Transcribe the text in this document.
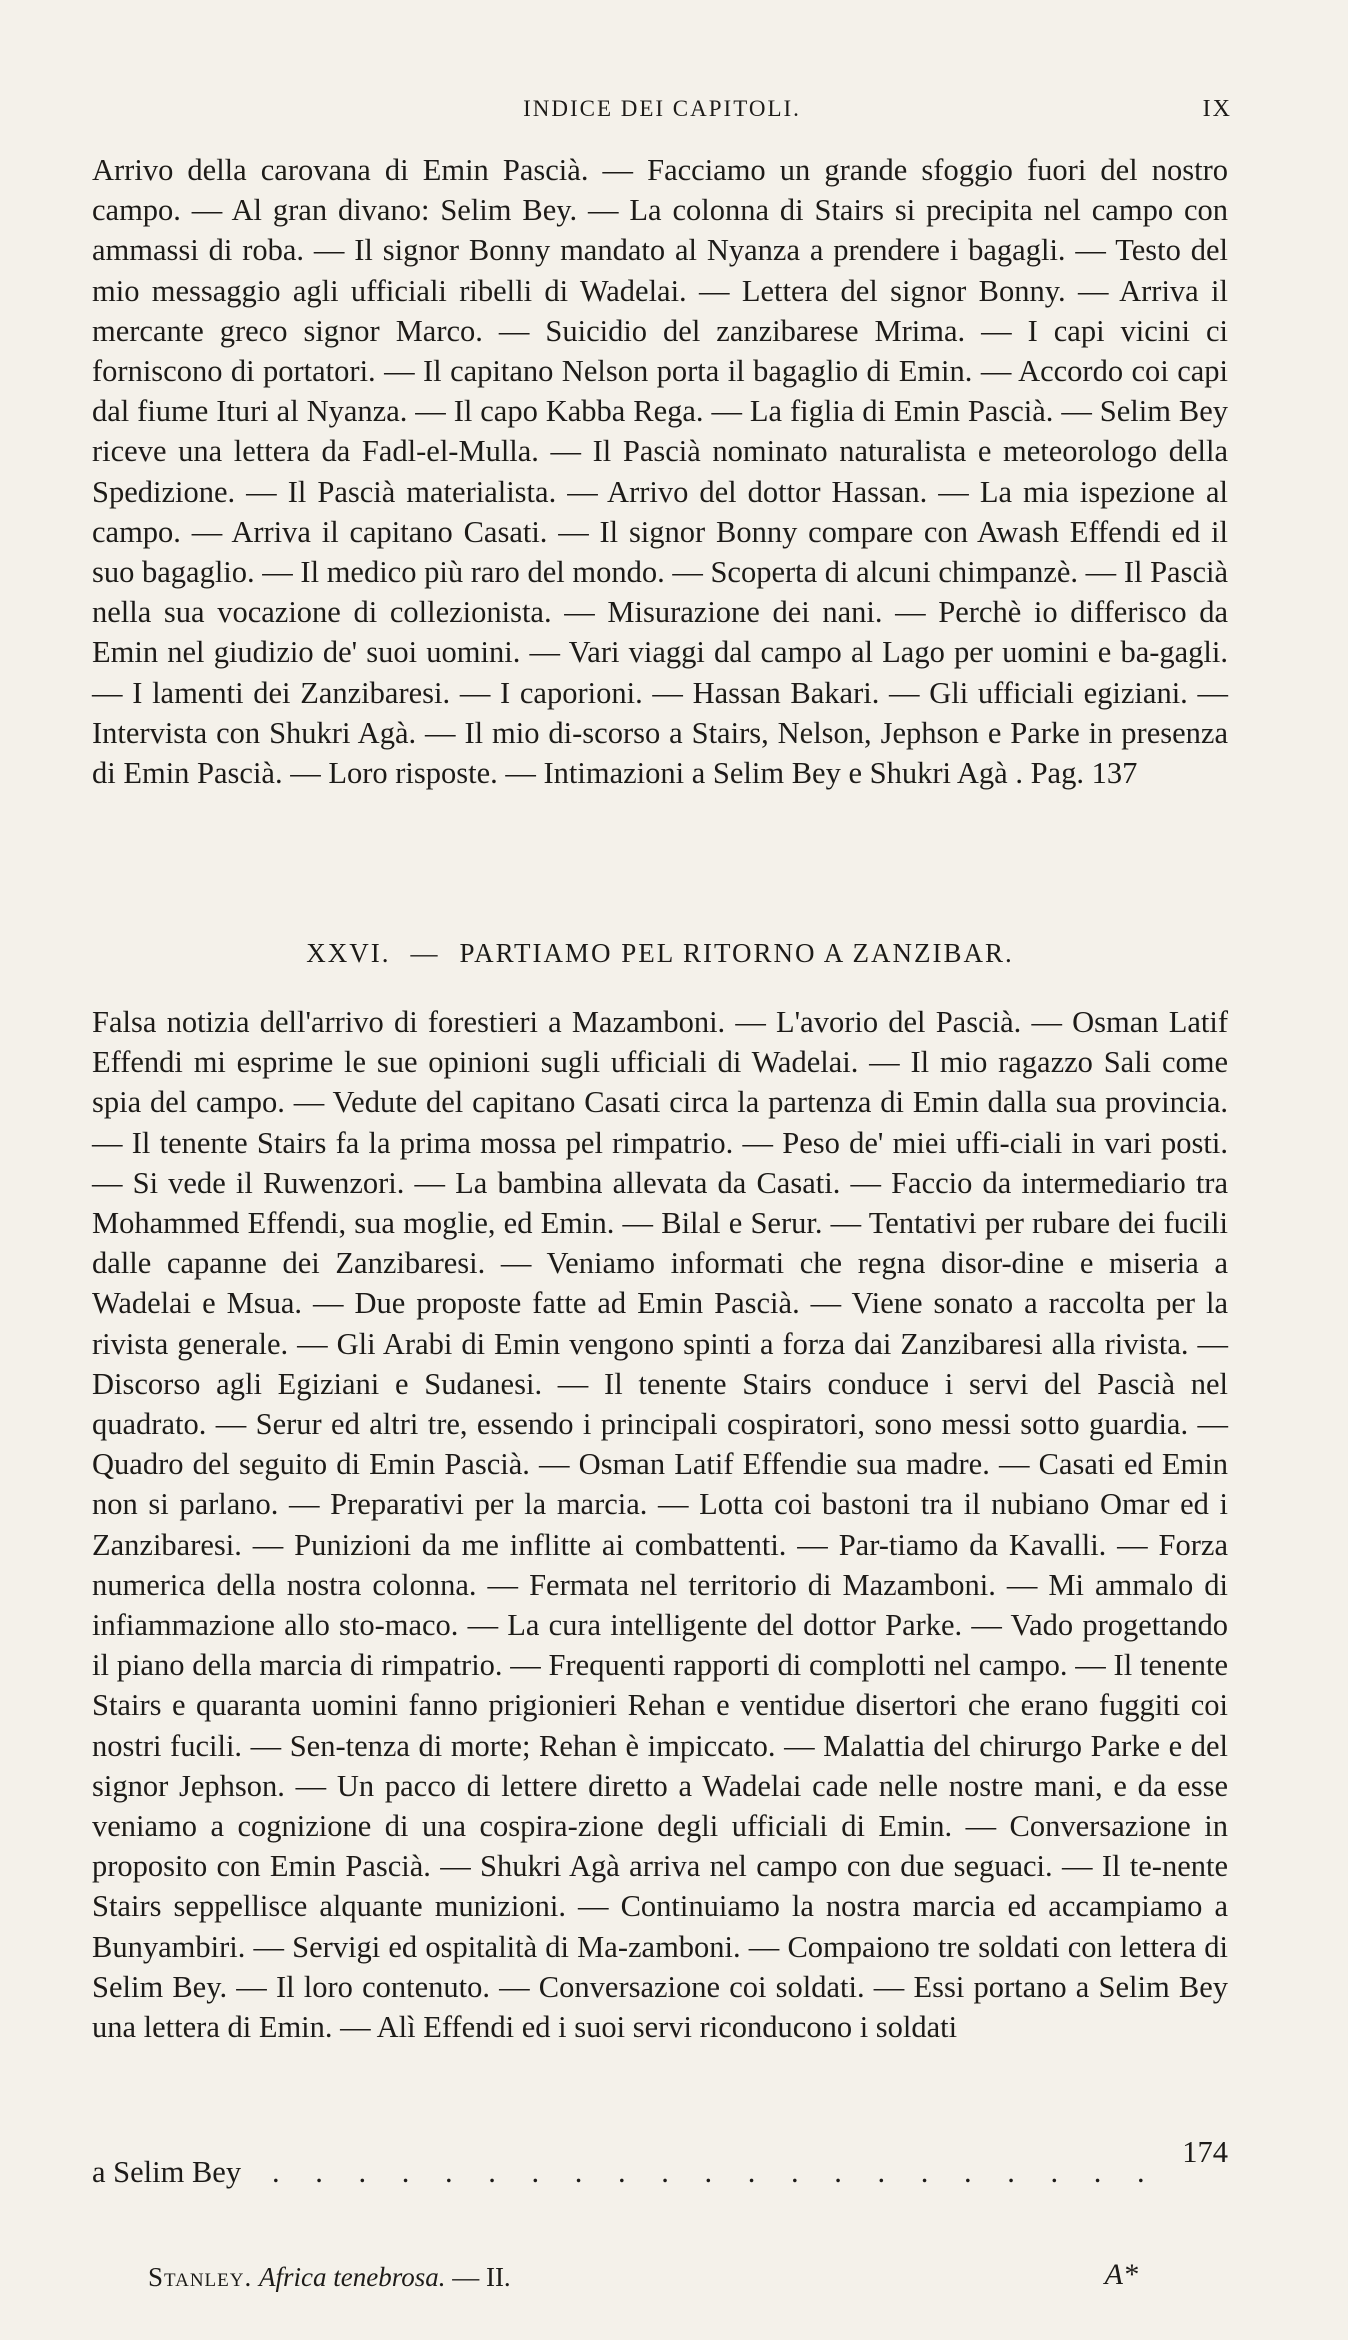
INDICE DEI CAPITOLI.	IX
Arrivo della carovana di Emin Pascià. — Facciamo un grande sfoggio fuori del nostro campo. — Al gran divano: Selim Bey. — La colonna di Stairs si precipita nel campo con ammassi di roba. — Il signor Bonny mandato al Nyanza a prendere i bagagli. — Testo del mio messaggio agli ufficiali ribelli di Wadelai. — Lettera del signor Bonny. — Arriva il mercante greco signor Marco. — Suicidio del zanzibarese Mrima. — I capi vicini ci forniscono di portatori. — Il capitano Nelson porta il bagaglio di Emin. — Accordo coi capi dal fiume Ituri al Nyanza. — Il capo Kabba Rega. — La figlia di Emin Pascià. — Selim Bey riceve una lettera da Fadl-el-Mulla. — Il Pascià nominato naturalista e meteorologo della Spedizione. — Il Pascià materialista. — Arrivo del dottor Hassan. — La mia ispezione al campo. — Arriva il capitano Casati. — Il signor Bonny compare con Awash Effendi ed il suo bagaglio. — Il medico più raro del mondo. — Scoperta di alcuni chimpanzè. — Il Pascià nella sua vocazione di collezionista. — Misurazione dei nani. — Perchè io differisco da Emin nel giudizio de' suoi uomini. — Vari viaggi dal campo al Lago per uomini e ba-gagli. — I lamenti dei Zanzibaresi. — I caporioni. — Hassan Bakari. — Gli ufficiali egiziani. — Intervista con Shukri Agà. — Il mio di-scorso a Stairs, Nelson, Jephson e Parke in presenza di Emin Pascià. — Loro risposte. — Intimazioni a Selim Bey e Shukri Agà . Pag. 137
XXVI. — PARTIAMO PEL RITORNO A ZANZIBAR.
Falsa notizia dell'arrivo di forestieri a Mazamboni. — L'avorio del Pascià. — Osman Latif Effendi mi esprime le sue opinioni sugli ufficiali di Wadelai. — Il mio ragazzo Sali come spia del campo. — Vedute del capitano Casati circa la partenza di Emin dalla sua provincia. — Il tenente Stairs fa la prima mossa pel rimpatrio. — Peso de' miei uffi-ciali in vari posti. — Si vede il Ruwenzori. — La bambina allevata da Casati. — Faccio da intermediario tra Mohammed Effendi, sua moglie, ed Emin. — Bilal e Serur. — Tentativi per rubare dei fucili dalle capanne dei Zanzibaresi. — Veniamo informati che regna disor-dine e miseria a Wadelai e Msua. — Due proposte fatte ad Emin Pascià. — Viene sonato a raccolta per la rivista generale. — Gli Arabi di Emin vengono spinti a forza dai Zanzibaresi alla rivista. — Discorso agli Egiziani e Sudanesi. — Il tenente Stairs conduce i servi del Pascià nel quadrato. — Serur ed altri tre, essendo i principali cospiratori, sono messi sotto guardia. — Quadro del seguito di Emin Pascià. — Osman Latif Effendie sua madre. — Casati ed Emin non si parlano. — Preparativi per la marcia. — Lotta coi bastoni tra il nubiano Omar ed i Zanzibaresi. — Punizioni da me inflitte ai combattenti. — Par-tiamo da Kavalli. — Forza numerica della nostra colonna. — Fermata nel territorio di Mazamboni. — Mi ammalo di infiammazione allo sto-maco. — La cura intelligente del dottor Parke. — Vado progettando il piano della marcia di rimpatrio. — Frequenti rapporti di complotti nel campo. — Il tenente Stairs e quaranta uomini fanno prigionieri Rehan e ventidue disertori che erano fuggiti coi nostri fucili. — Sen-tenza di morte; Rehan è impiccato. — Malattia del chirurgo Parke e del signor Jephson. — Un pacco di lettere diretto a Wadelai cade nelle nostre mani, e da esse veniamo a cognizione di una cospira-zione degli ufficiali di Emin. — Conversazione in proposito con Emin Pascià. — Shukri Agà arriva nel campo con due seguaci. — Il te-nente Stairs seppellisce alquante munizioni. — Continuiamo la nostra marcia ed accampiamo a Bunyambiri. — Servigi ed ospitalità di Ma-zamboni. — Compaiono tre soldati con lettera di Selim Bey. — Il loro contenuto. — Conversazione coi soldati. — Essi portano a Selim Bey una lettera di Emin. — Alì Effendi ed i suoi servi riconducono i soldati
a Selim Bey . . . . . . . . . . . . . . . . . . . . .
174
Stanley. Africa tenebrosa. — II.	A*
